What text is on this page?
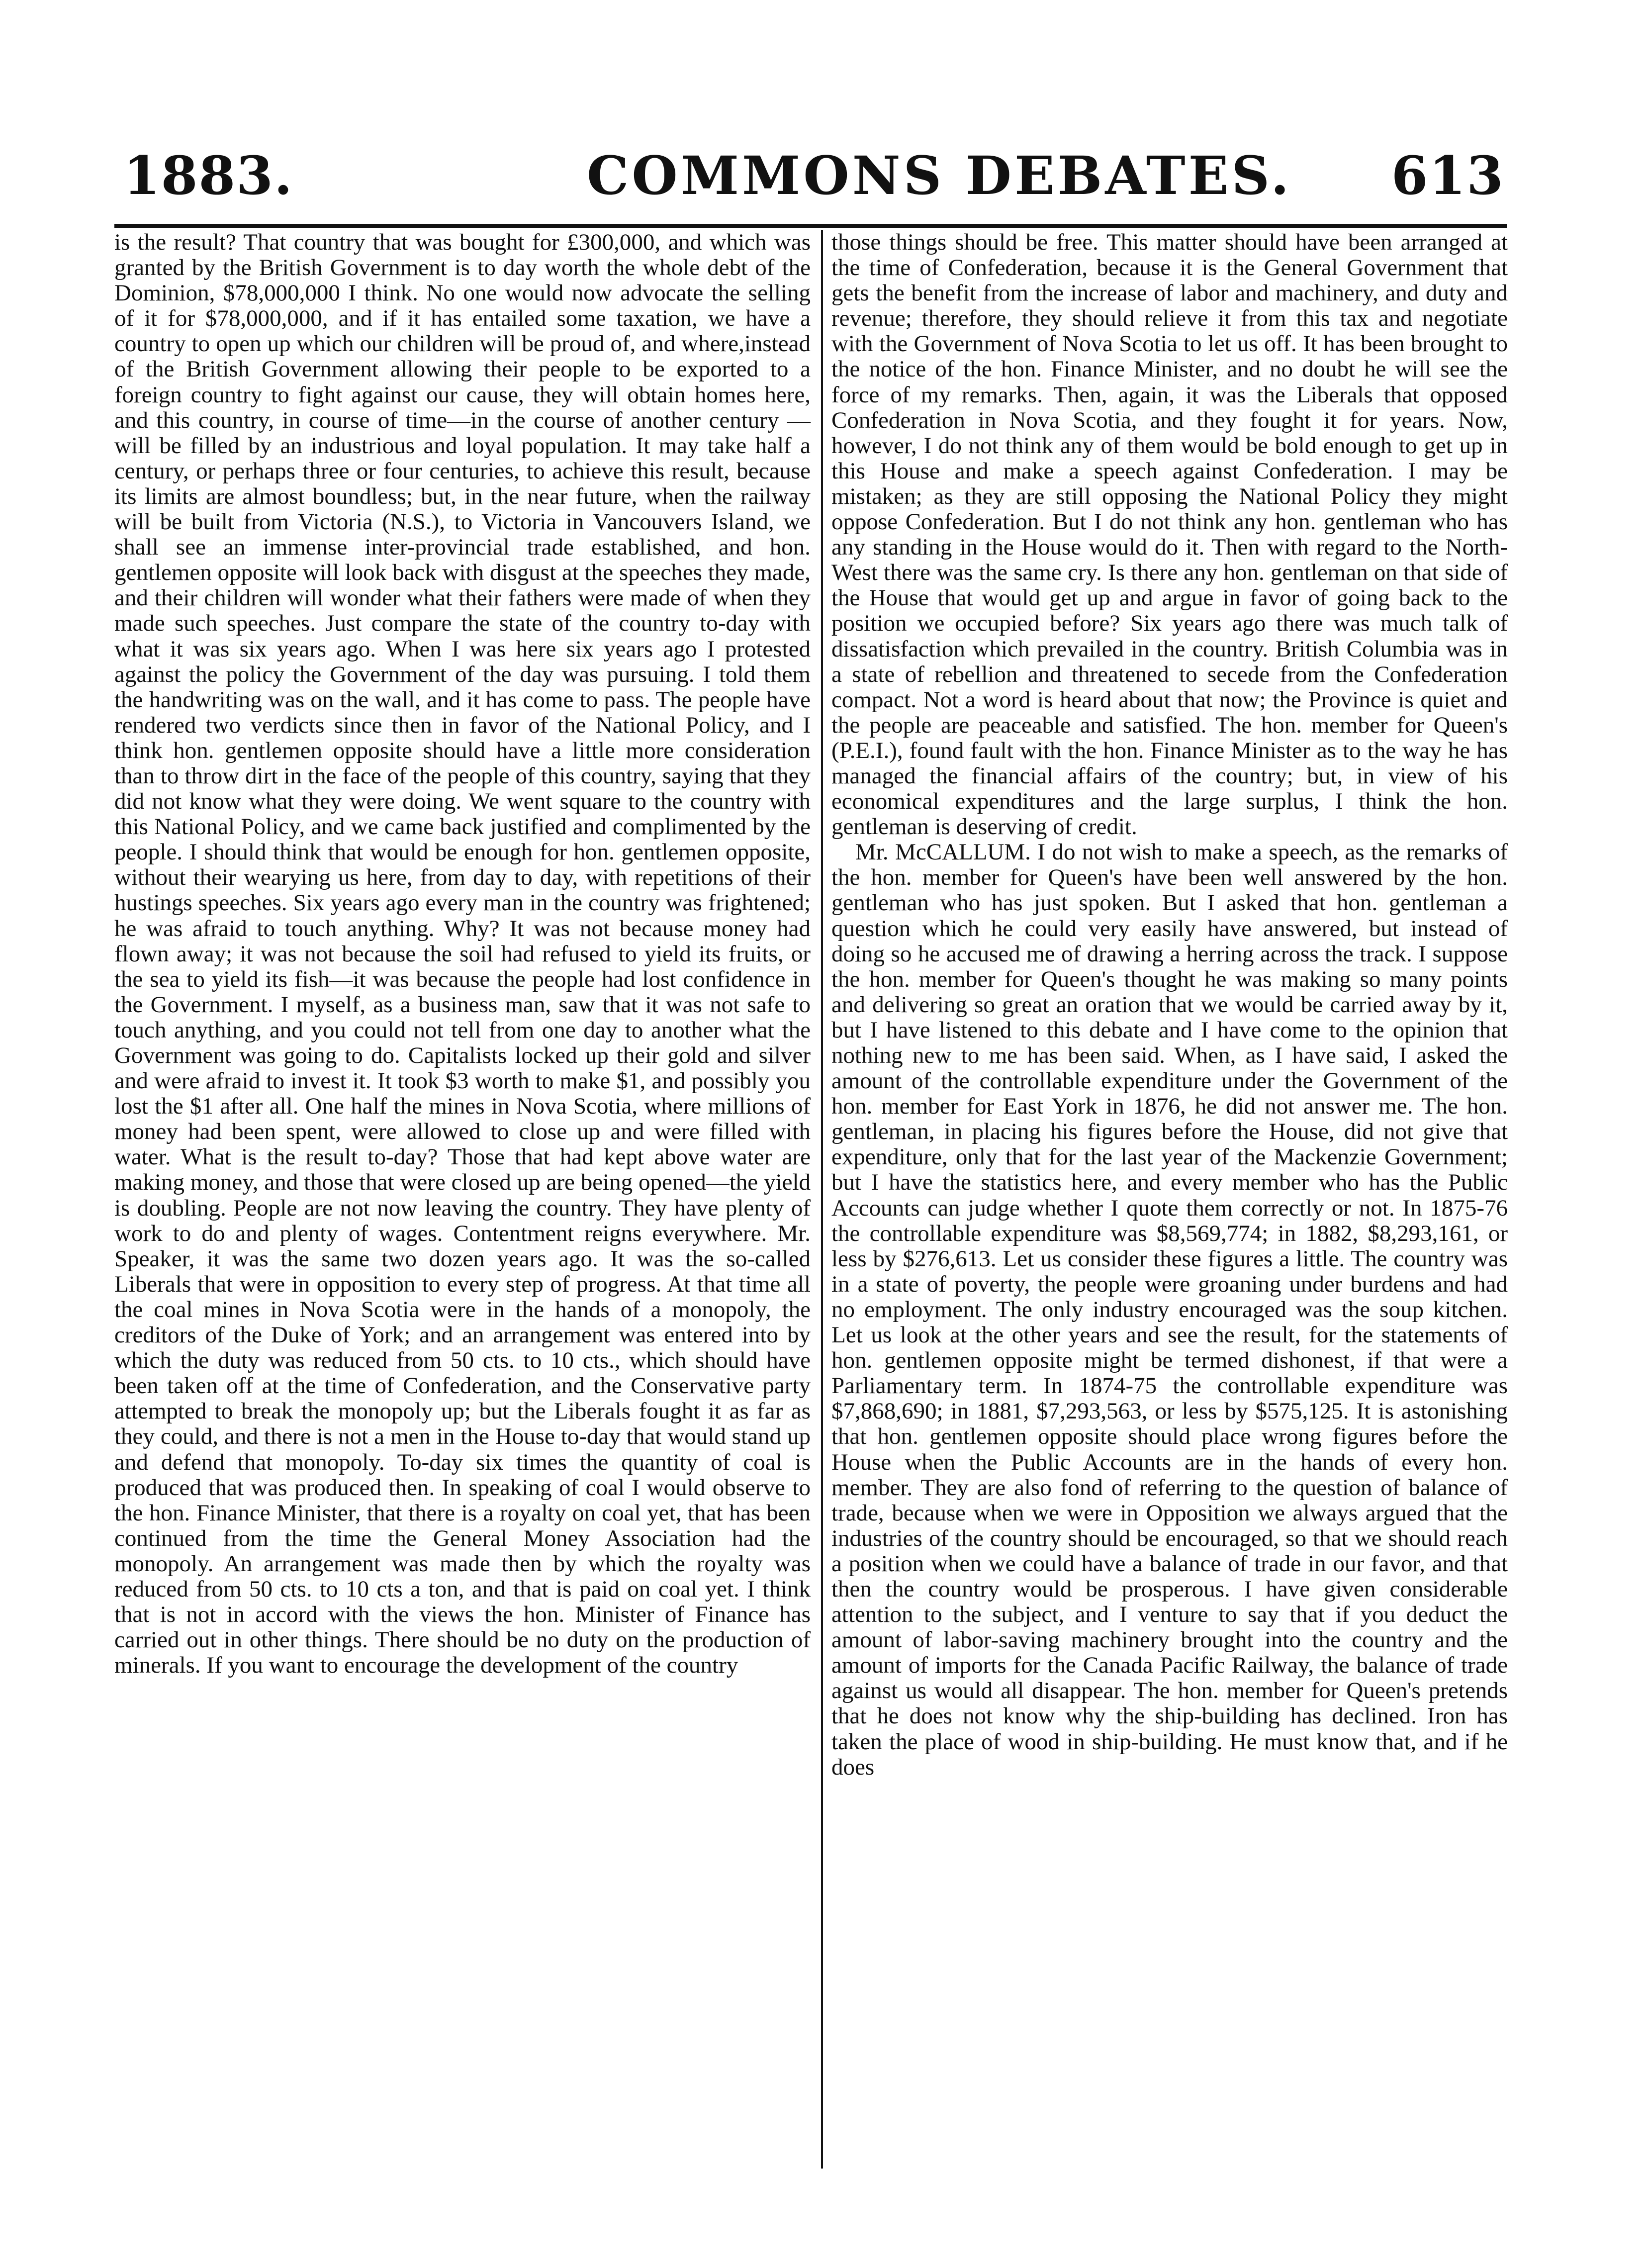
1883.	COMMONS DEBATES. 613

is the result? That country that was bought for £300,000, and which was granted by the British Government is to day worth the whole debt of the Dominion, $78,000,000 I think. No one would now advocate the selling of it for $78,000,000, and if it has entailed some taxation, we have a country to open up which our children will be proud of, and where,instead of the British Government allowing their people to be exported to a foreign country to fight against our cause, they will obtain homes here, and this country, in course of time—in the course of another century —will be filled by an industrious and loyal population. It may take half a century, or perhaps three or four centuries, to achieve this result, because its limits are almost boundless; but, in the near future, when the railway will be built from Victoria (N.S.), to Victoria in Vancouvers Island, we shall see an immense inter-provincial trade established, and hon. gentlemen opposite will look back with disgust at the speeches they made, and their children will wonder what their fathers were made of when they made such speeches. Just compare the state of the country to-day with what it was six years ago. When I was here six years ago I protested against the policy the Government of the day was pursuing. I told them the handwriting was on the wall, and it has come to pass. The people have rendered two verdicts since then in favor of the National Policy, and I think hon. gentlemen opposite should have a little more consideration than to throw dirt in the face of the people of this country, saying that they did not know what they were doing. We went square to the country with this National Policy, and we came back justified and complimented by the people. I should think that would be enough for hon. gentlemen opposite, without their wearying us here, from day to day, with repetitions of their hustings speeches. Six years ago every man in the country was frightened; he was afraid to touch anything. Why? It was not because money had flown away; it was not because the soil had refused to yield its fruits, or the sea to yield its fish—it was because the people had lost confidence in the Government. I myself, as a business man, saw that it was not safe to touch anything, and you could not tell from one day to another what the Government was going to do. Capitalists locked up their gold and silver and were afraid to invest it. It took $3 worth to make $1, and possibly you lost the $1 after all. One half the mines in Nova Scotia, where millions of money had been spent, were allowed to close up and were filled with water. What is the result to-day? Those that had kept above water are making money, and those that were closed up are being opened—the yield is doubling. People are not now leaving the country. They have plenty of work to do and plenty of wages. Contentment reigns everywhere. Mr. Speaker, it was the same two dozen years ago. It was the so-called Liberals that were in opposition to every step of progress. At that time all the coal mines in Nova Scotia were in the hands of a monopoly, the creditors of the Duke of York; and an arrangement was entered into by which the duty was reduced from 50 cts. to 10 cts., which should have been taken off at the time of Confederation, and the Conservative party attempted to break the monopoly up; but the Liberals fought it as far as they could, and there is not a men in the House to-day that would stand up and defend that monopoly. To-day six times the quantity of coal is produced that was produced then. In speaking of coal I would observe to the hon. Finance Minister, that there is a royalty on coal yet, that has been continued from the time the General Money Association had the monopoly. An arrangement was made then by which the royalty was reduced from 50 cts. to 10 cts a ton, and that is paid on coal yet. I think that is not in accord with the views the hon. Minister of Finance has carried out in other things. There should be no duty on the production of minerals. If you want to encourage the development of the country

those things should be free. This matter should have been arranged at the time of Confederation, because it is the General Government that gets the benefit from the increase of labor and machinery, and duty and revenue; therefore, they should relieve it from this tax and negotiate with the Government of Nova Scotia to let us off. It has been brought to the notice of the hon. Finance Minister, and no doubt he will see the force of my remarks. Then, again, it was the Liberals that opposed Confederation in Nova Scotia, and they fought it for years. Now, however, I do not think any of them would be bold enough to get up in this House and make a speech against Confederation. I may be mistaken; as they are still opposing the National Policy they might oppose Confederation. But I do not think any hon. gentleman who has any standing in the House would do it. Then with regard to the North-West there was the same cry. Is there any hon. gentleman on that side of the House that would get up and argue in favor of going back to the position we occupied before? Six years ago there was much talk of dissatisfaction which prevailed in the country. British Columbia was in a state of rebellion and threatened to secede from the Confederation compact. Not a word is heard about that now; the Province is quiet and the people are peaceable and satisfied. The hon. member for Queen's (P.E.I.), found fault with the hon. Finance Minister as to the way he has managed the financial affairs of the country; but, in view of his economical expenditures and the large surplus, I think the hon. gentleman is deserving of credit.

Mr. McCALLUM. I do not wish to make a speech, as the remarks of the hon. member for Queen's have been well answered by the hon. gentleman who has just spoken. But I asked that hon. gentleman a question which he could very easily have answered, but instead of doing so he accused me of drawing a herring across the track. I suppose the hon. member for Queen's thought he was making so many points and delivering so great an oration that we would be carried away by it, but I have listened to this debate and I have come to the opinion that nothing new to me has been said. When, as I have said, I asked the amount of the controllable expenditure under the Government of the hon. member for East York in 1876, he did not answer me. The hon. gentleman, in placing his figures before the House, did not give that expenditure, only that for the last year of the Mackenzie Government; but I have the statistics here, and every member who has the Public Accounts can judge whether I quote them correctly or not. In 1875-76 the controllable expenditure was $8,569,774; in 1882, $8,293,161, or less by $276,613. Let us consider these figures a little. The country was in a state of poverty, the people were groaning under burdens and had no employment. The only industry encouraged was the soup kitchen. Let us look at the other years and see the result, for the statements of hon. gentlemen opposite might be termed dishonest, if that were a Parliamentary term. In 1874-75 the controllable expenditure was $7,868,690; in 1881, $7,293,563, or less by $575,125. It is astonishing that hon. gentlemen opposite should place wrong figures before the House when the Public Accounts are in the hands of every hon. member. They are also fond of referring to the question of balance of trade, because when we were in Opposition we always argued that the industries of the country should be encouraged, so that we should reach a position when we could have a balance of trade in our favor, and that then the country would be prosperous. I have given considerable attention to the subject, and I venture to say that if you deduct the amount of labor-saving machinery brought into the country and the amount of imports for the Canada Pacific Railway, the balance of trade against us would all disappear. The hon. member for Queen's pretends that he does not know why the ship-building has declined. Iron has taken the place of wood in ship-building. He must know that, and if he does
